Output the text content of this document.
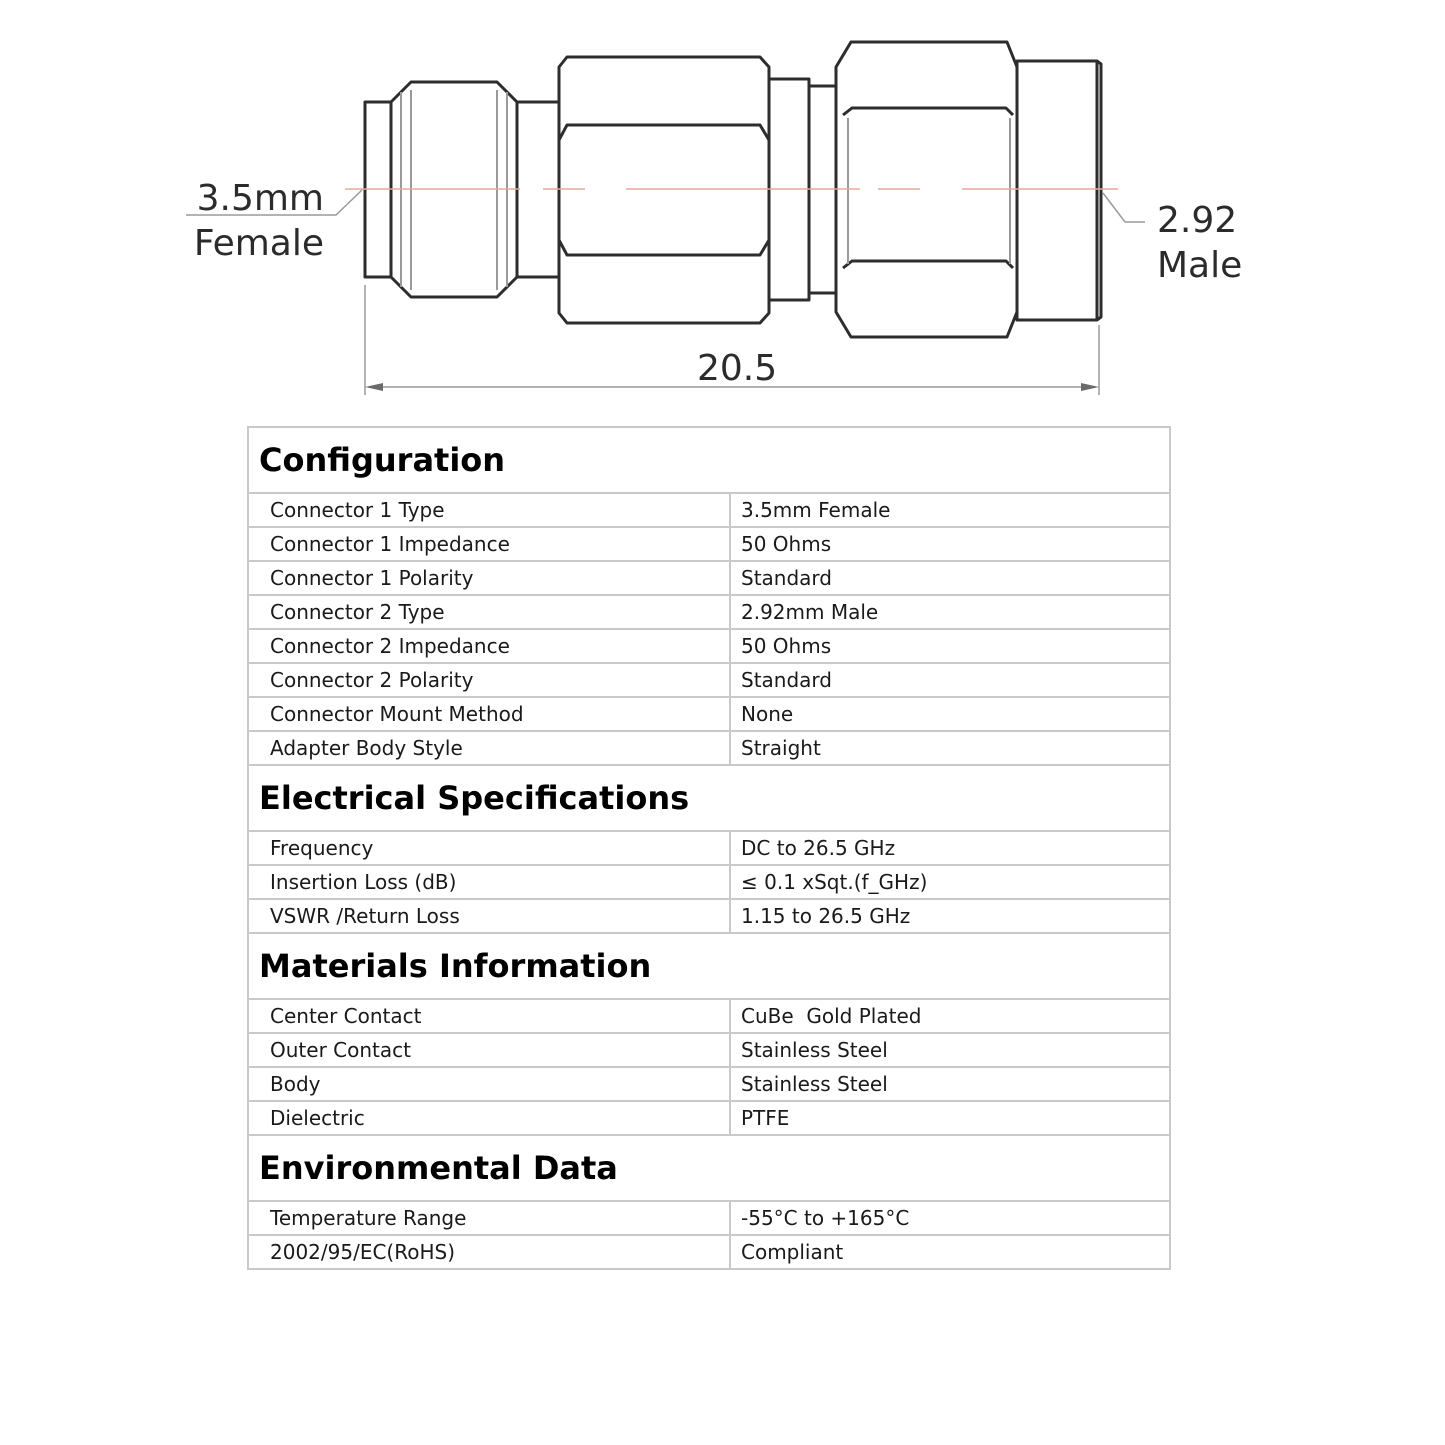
3.5mm
Female
2.92
Male
20.5
Configuration	
Connector 1 Type	3.5mm Female
Connector 1 Impedance	50 Ohms
Connector 1 Polarity	Standard
Connector 2 Type	2.92mm Male
Connector 2 Impedance	50 Ohms
Connector 2 Polarity	Standard
Connector Mount Method	None
Adapter Body Style	Straight
Electrical Specifications	
Frequency	DC to 26.5 GHz
Insertion Loss (dB)	≤ 0.1 xSqt.(f_GHz)
VSWR /Return Loss	1.15 to 26.5 GHz
Materials Information	
Center Contact	CuBe  Gold Plated
Outer Contact	Stainless Steel
Body	Stainless Steel
Dielectric	PTFE
Environmental Data	
Temperature Range	-55°C to +165°C
2002/95/EC(RoHS)	Compliant
